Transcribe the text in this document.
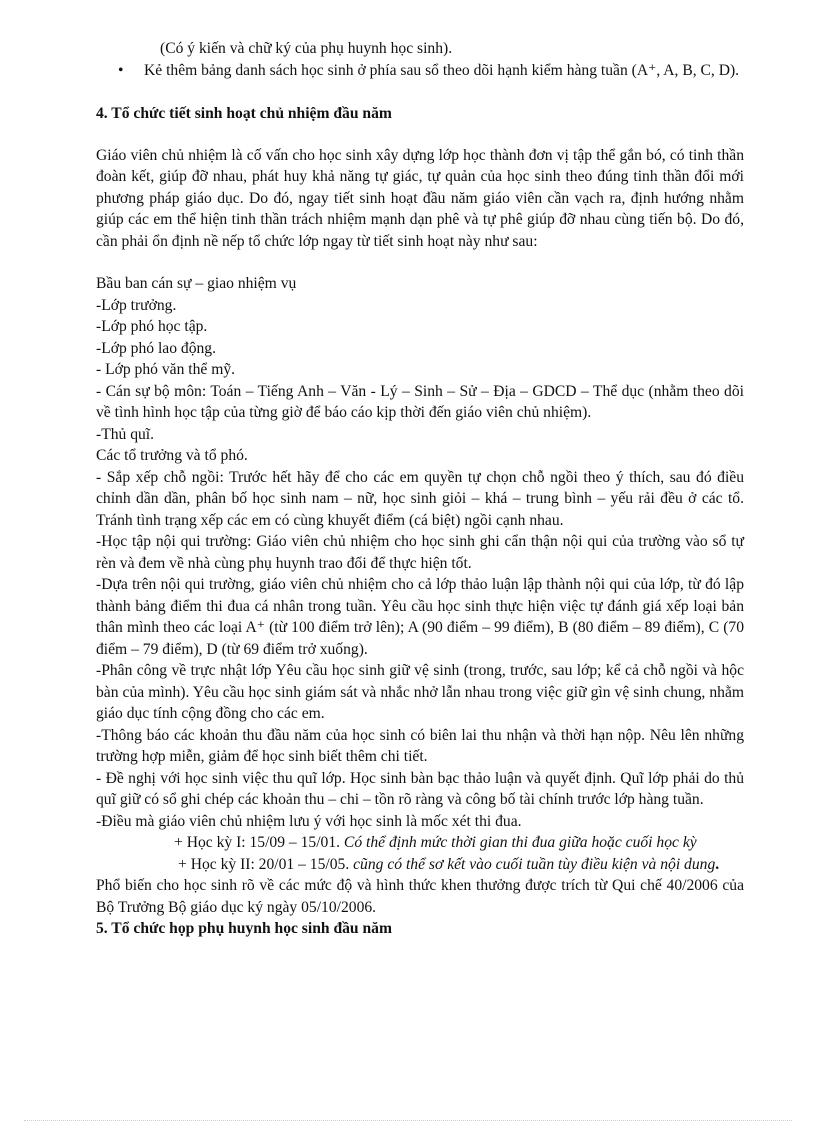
(Có ý kiến và chữ ký của phụ huynh học sinh).

•	Kẻ thêm bảng danh sách học sinh ở phía sau sổ theo dõi hạnh kiểm hàng tuần (A⁺, A, B, C, D).

4. Tổ chức tiết sinh hoạt chủ nhiệm đầu năm

Giáo viên chủ nhiệm là cố vấn cho học sinh xây dựng lớp học thành đơn vị tập thể gắn bó, có tinh thần đoàn kết, giúp đỡ nhau, phát huy khả năng tự giác, tự quản của học sinh theo đúng tinh thần đổi mới phương pháp giáo dục. Do đó, ngay tiết sinh hoạt đầu năm giáo viên cần vạch ra, định hướng nhằm giúp các em thể hiện tinh thần trách nhiệm mạnh dạn phê và tự phê giúp đỡ nhau cùng tiến bộ. Do đó, cần phải ổn định nề nếp tổ chức lớp ngay từ tiết sinh hoạt này như sau:

Bầu ban cán sự – giao nhiệm vụ

-Lớp trưởng.

-Lớp phó học tập.

-Lớp phó lao động.

- Lớp phó văn thể mỹ.

- Cán sự bộ môn: Toán – Tiếng Anh – Văn - Lý – Sinh – Sử – Địa – GDCD – Thể dục (nhằm theo dõi về tình hình học tập của từng giờ để báo cáo kịp thời đến giáo viên chủ nhiệm).

-Thủ quĩ.

Các tổ trưởng và tổ phó.

- Sắp xếp chỗ ngồi: Trước hết hãy để cho các em quyền tự chọn chỗ ngồi theo ý thích, sau đó điều chỉnh dần dần, phân bố học sinh nam – nữ, học sinh giỏi – khá – trung bình – yếu rải đều ở các tổ. Tránh tình trạng xếp các em có cùng khuyết điểm (cá biệt) ngồi cạnh nhau.

-Học tập nội qui trường: Giáo viên chủ nhiệm cho học sinh ghi cẩn thận nội qui của trường vào sổ tự rèn và đem về nhà cùng phụ huynh trao đổi để thực hiện tốt.

-Dựa trên nội qui trường, giáo viên chủ nhiệm cho cả lớp thảo luận lập thành nội qui của lớp, từ đó lập thành bảng điểm thi đua cá nhân trong tuần. Yêu cầu học sinh thực hiện việc tự đánh giá xếp loại bản thân mình theo các loại A⁺ (từ 100 điểm trở lên); A (90 điểm – 99 điểm), B (80 điểm – 89 điểm), C (70 điểm – 79 điểm), D (từ 69 điểm trở xuống).

-Phân công về trực nhật lớp Yêu cầu học sinh giữ vệ sinh (trong, trước, sau lớp; kể cả chỗ ngồi và hộc bàn của mình). Yêu cầu học sinh giám sát và nhắc nhở lẫn nhau trong việc giữ gìn vệ sinh chung, nhằm giáo dục tính cộng đồng cho các em.

-Thông báo các khoản thu đầu năm của học sinh có biên lai thu nhận và thời hạn nộp. Nêu lên những trường hợp miễn, giảm để học sinh biết thêm chi tiết.

- Đề nghị với học sinh việc thu quĩ lớp. Học sinh bàn bạc thảo luận và quyết định. Quĩ lớp phải do thủ quĩ giữ có sổ ghi chép các khoản thu – chi – tồn rõ ràng và công bố tài chính trước lớp hàng tuần.

-Điều mà giáo viên chủ nhiệm lưu ý với học sinh là mốc xét thi đua.

+ Học kỳ I: 15/09 – 15/01. Có thể định mức thời gian thi đua giữa hoặc cuối học kỳ

+ Học kỳ II: 20/01 – 15/05. cũng có thể sơ kết vào cuối tuần tùy điều kiện và nội dung.

Phổ biến cho học sinh rõ về các mức độ và hình thức khen thưởng được trích từ Qui chế 40/2006 của Bộ Trưởng Bộ giáo dục ký ngày 05/10/2006.

5. Tổ chức họp phụ huynh học sinh đầu năm
